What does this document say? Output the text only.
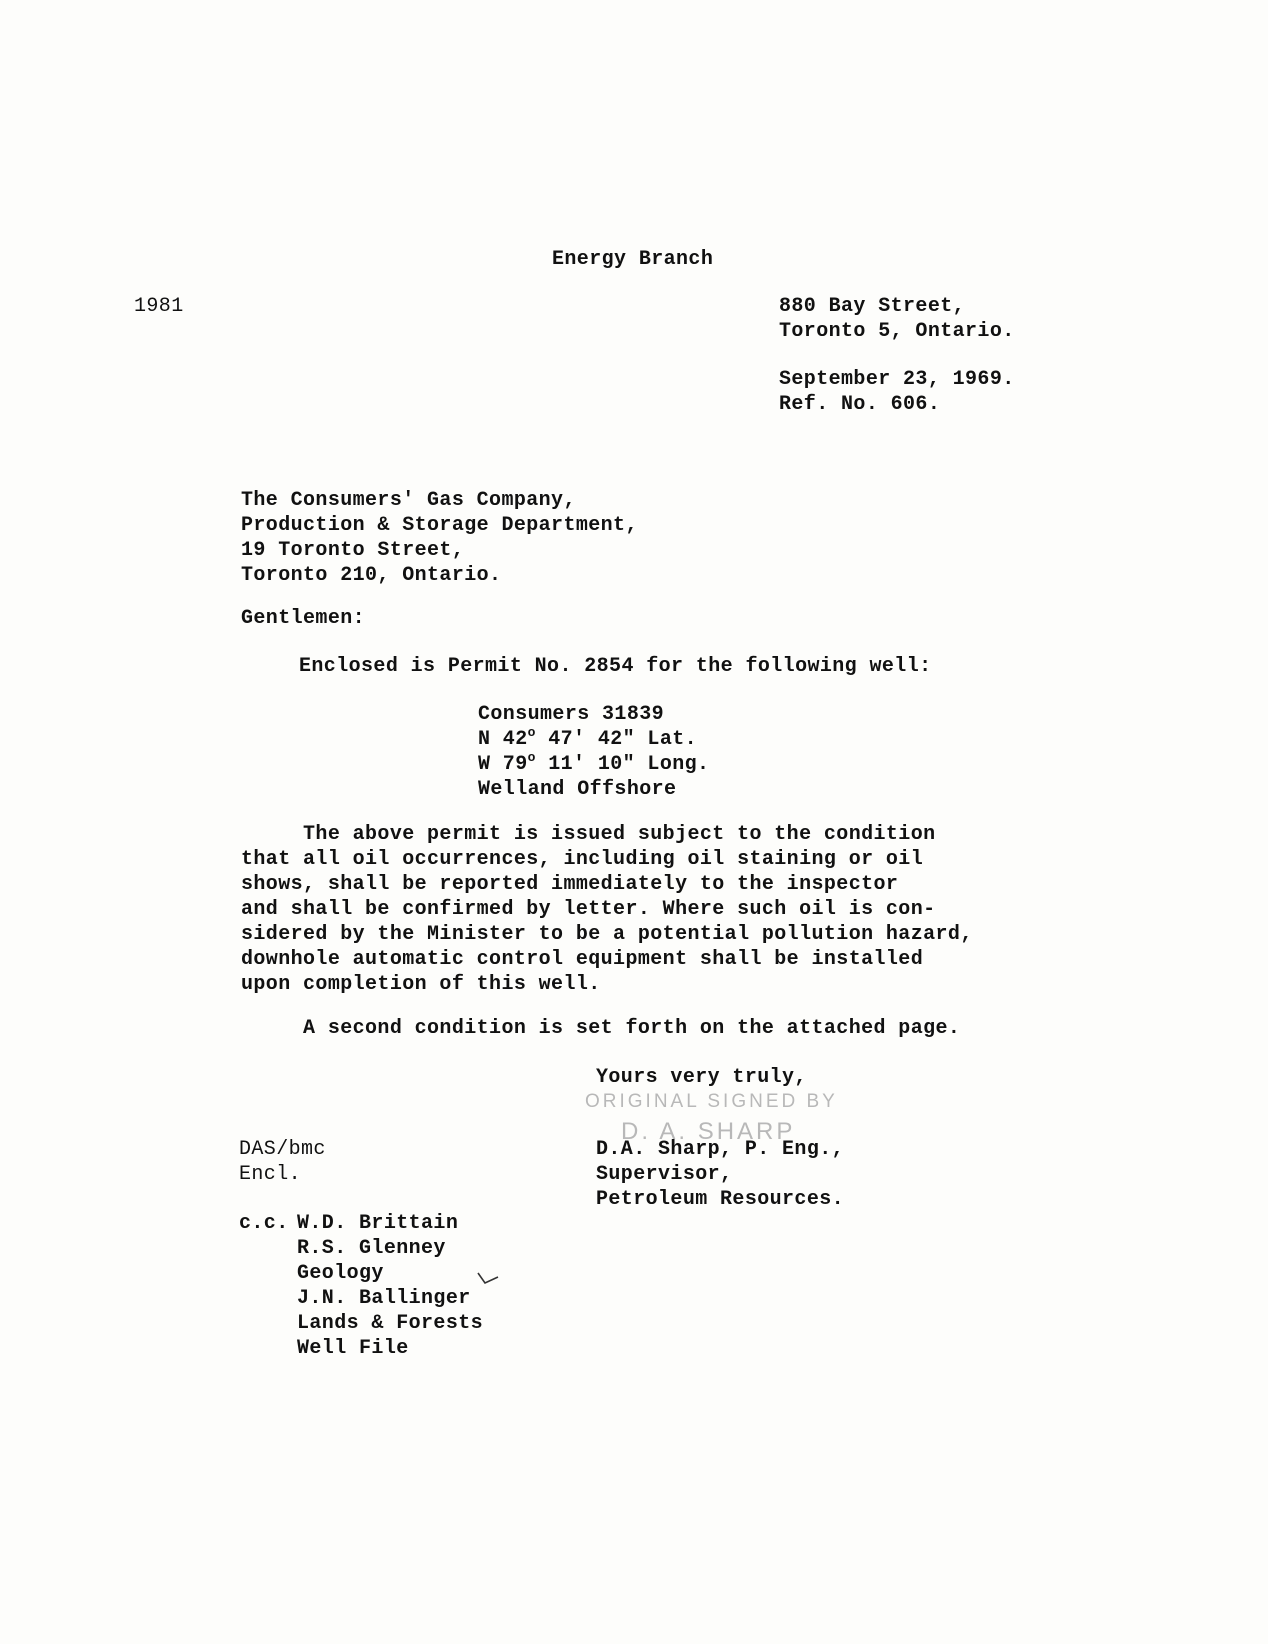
Energy Branch
1981	880 Bay Street,
Toronto 5, Ontario.
September 23, 1969.
Ref. No. 606.
The Consumers' Gas Company,
Production & Storage Department,
19 Toronto Street,
Toronto 210, Ontario.
Gentlemen:
Enclosed is Permit No. 2854 for the following well:
Consumers 31839
N 42$^o$ 47' 42" Lat.
W 79$^o$ 11' 10" Long.
Welland Offshore
The above permit is issued subject to the condition
that all oil occurrences, including oil staining or oil
shows, shall be reported immediately to the inspector
and shall be confirmed by letter. Where such oil is con-
sidered by the Minister to be a potential pollution hazard,
downhole automatic control equipment shall be installed
upon completion of this well.
A second condition is set forth on the attached page.
Yours very truly,
ORIGINAL SIGNED BY
D. A. SHARP
D.A. Sharp, P. Eng.,
Supervisor,
Petroleum Resources.
DAS/bmc
Encl.
c.c. W.D. Brittain
R.S. Glenney
Geology
J.N. Ballinger
Lands & Forests
Well File
